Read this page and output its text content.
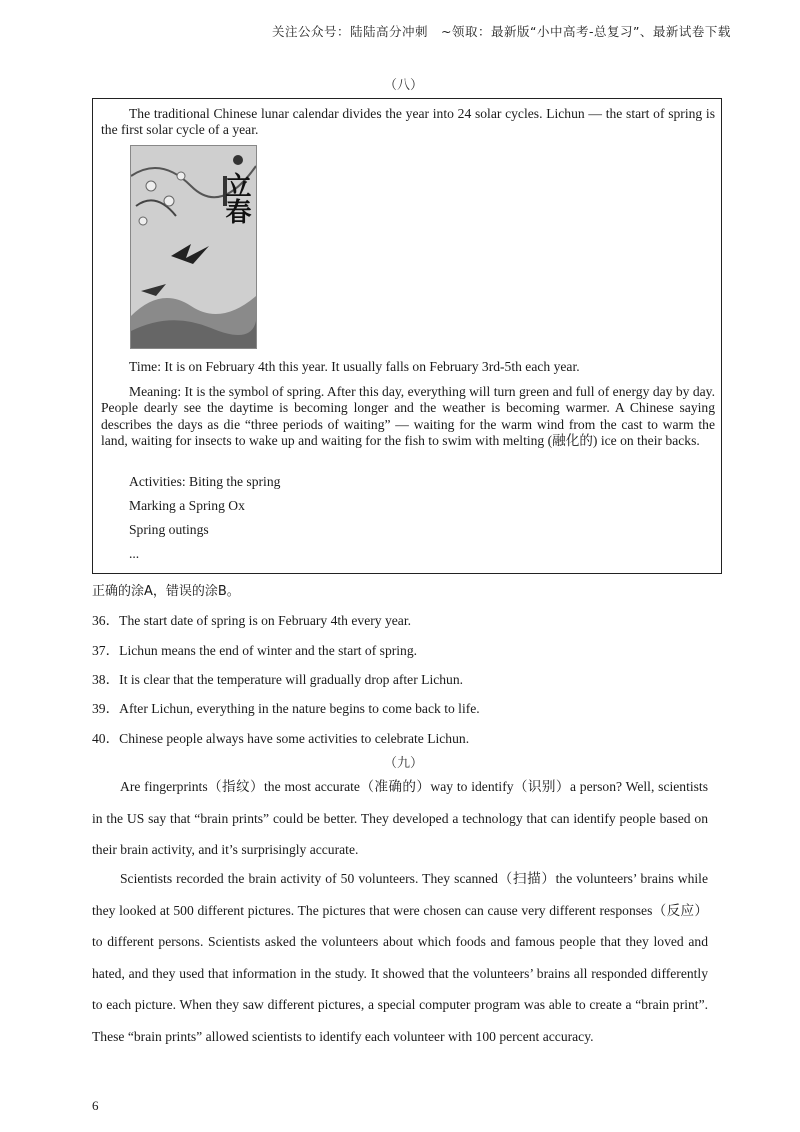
关注公众号：陆陆高分冲刺　~领取：最新版“小中高考-总复习”、最新试卷下载
（八）

The traditional Chinese lunar calendar divides the year into 24 solar cycles. Lichun — the start of spring is the first solar cycle of a year.

立春

Time: It is on February 4th this year. It usually falls on February 3rd-5th each year.

Meaning: It is the symbol of spring. After this day, everything will turn green and full of energy day by day. People dearly see the daytime is becoming longer and the weather is becoming warmer. A Chinese saying describes the days as die “three periods of waiting” — waiting for the warm wind from the cast to warm the land, waiting for insects to wake up and waiting for the fish to swim with melting (融化的) ice on their backs.

Activities: Biting the spring

Marking a Spring Ox

Spring outings

...

正确的涂A，错误的涂B。
36．The start date of spring is on February 4th every year.
37．Lichun means the end of winter and the start of spring.
38．It is clear that the temperature will gradually drop after Lichun.
39．After Lichun, everything in the nature begins to come back to life.
40．Chinese people always have some activities to celebrate Lichun.
（九）

Are fingerprints（指纹）the most accurate（准确的）way to identify（识别）a person? Well, scientists in the US say that “brain prints” could be better. They developed a technology that can identify people based on their brain activity, and it’s surprisingly accurate.

Scientists recorded the brain activity of 50 volunteers. They scanned（扫描）the volunteers’ brains while they looked at 500 different pictures. The pictures that were chosen can cause very different responses（反应）to different persons. Scientists asked the volunteers about which foods and famous people that they loved and hated, and they used that information in the study. It showed that the volunteers’ brains all responded differently to each picture. When they saw different pictures, a special computer program was able to create a “brain print”. These “brain prints” allowed scientists to identify each volunteer with 100 percent accuracy.

6
